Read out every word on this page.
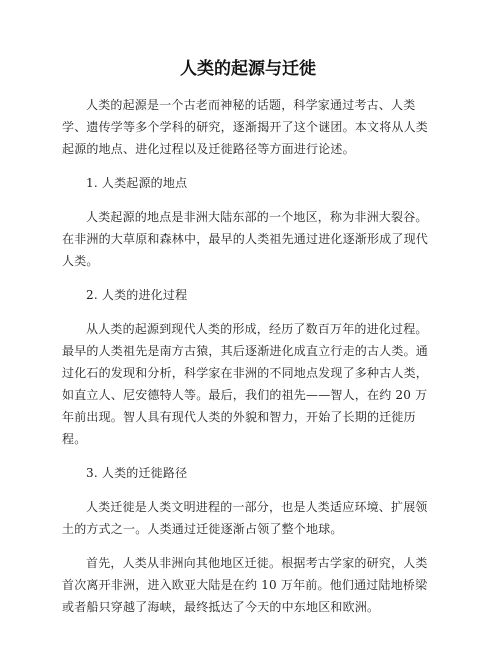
人类的起源与迁徙

人类的起源是一个古老而神秘的话题，科学家通过考古、人类学、遗传学等多个学科的研究，逐渐揭开了这个谜团。本文将从人类起源的地点、进化过程以及迁徙路径等方面进行论述。

1. 人类起源的地点

人类起源的地点是非洲大陆东部的一个地区，称为非洲大裂谷。在非洲的大草原和森林中，最早的人类祖先通过进化逐渐形成了现代人类。

2. 人类的进化过程

从人类的起源到现代人类的形成，经历了数百万年的进化过程。最早的人类祖先是南方古猿，其后逐渐进化成直立行走的古人类。通过化石的发现和分析，科学家在非洲的不同地点发现了多种古人类，如直立人、尼安德特人等。最后，我们的祖先——智人，在约 20 万年前出现。智人具有现代人类的外貌和智力，开始了长期的迁徙历程。

3. 人类的迁徙路径

人类迁徙是人类文明进程的一部分，也是人类适应环境、扩展领土的方式之一。人类通过迁徙逐渐占领了整个地球。

首先，人类从非洲向其他地区迁徙。根据考古学家的研究，人类首次离开非洲，进入欧亚大陆是在约 10 万年前。他们通过陆地桥梁或者船只穿越了海峡，最终抵达了今天的中东地区和欧洲。
